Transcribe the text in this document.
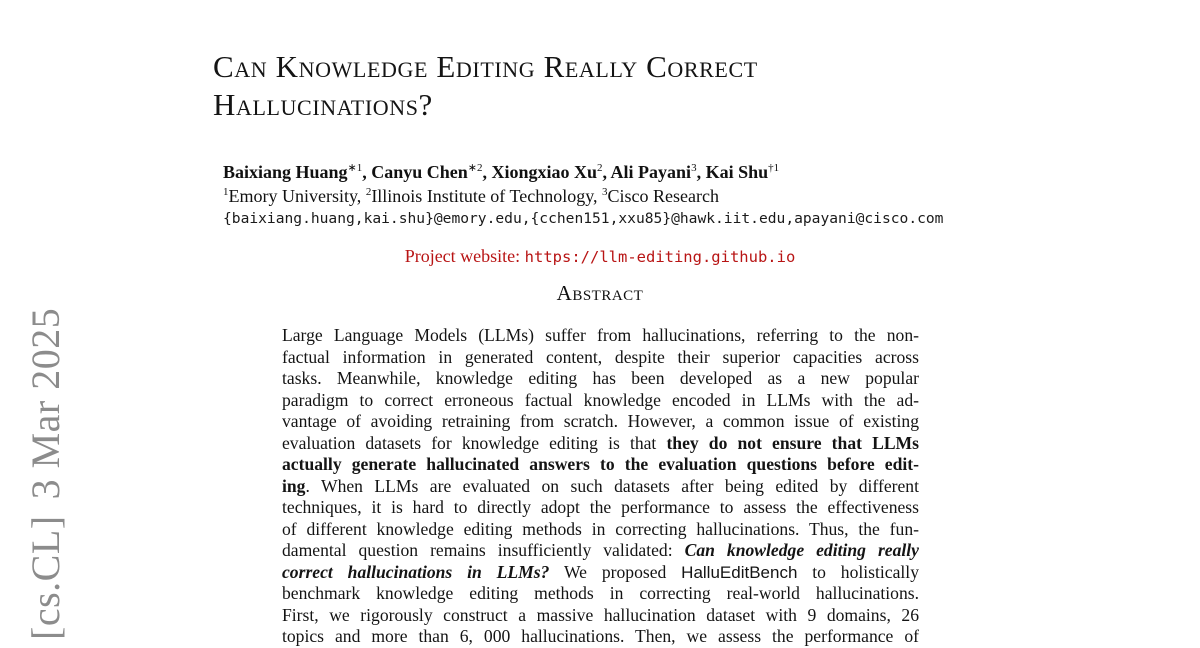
[cs.CL]3 Mar 2025
Can Knowledge Editing Really Correct
Hallucinations?
Baixiang Huang$^{∗1}$, Canyu Chen$^{∗2}$, Xiongxiao Xu$^2$, Ali Payani$^3$, Kai Shu$^{\dagger 1}$
$^1$Emory University, $^2$Illinois Institute of Technology, $^3$Cisco Research
{baixiang.huang,kai.shu}@emory.edu,{cchen151,xxu85}@hawk.iit.edu,apayani@cisco.com
Project website: https://llm-editing.github.io
Abstract
Large Language Models (LLMs) suffer from hallucinations, referring to the non-
factual information in generated content, despite their superior capacities across
tasks. Meanwhile, knowledge editing has been developed as a new popular
paradigm to correct erroneous factual knowledge encoded in LLMs with the ad-
vantage of avoiding retraining from scratch. However, a common issue of existing
evaluation datasets for knowledge editing is that they do not ensure that LLMs
actually generate hallucinated answers to the evaluation questions before edit-
ing. When LLMs are evaluated on such datasets after being edited by different
techniques, it is hard to directly adopt the performance to assess the effectiveness
of different knowledge editing methods in correcting hallucinations. Thus, the fun-
damental question remains insufficiently validated: Can knowledge editing really
correct hallucinations in LLMs? We proposed HalluEditBench to holistically
benchmark knowledge editing methods in correcting real-world hallucinations.
First, we rigorously construct a massive hallucination dataset with 9 domains, 26
topics and more than 6, 000 hallucinations. Then, we assess the performance of
